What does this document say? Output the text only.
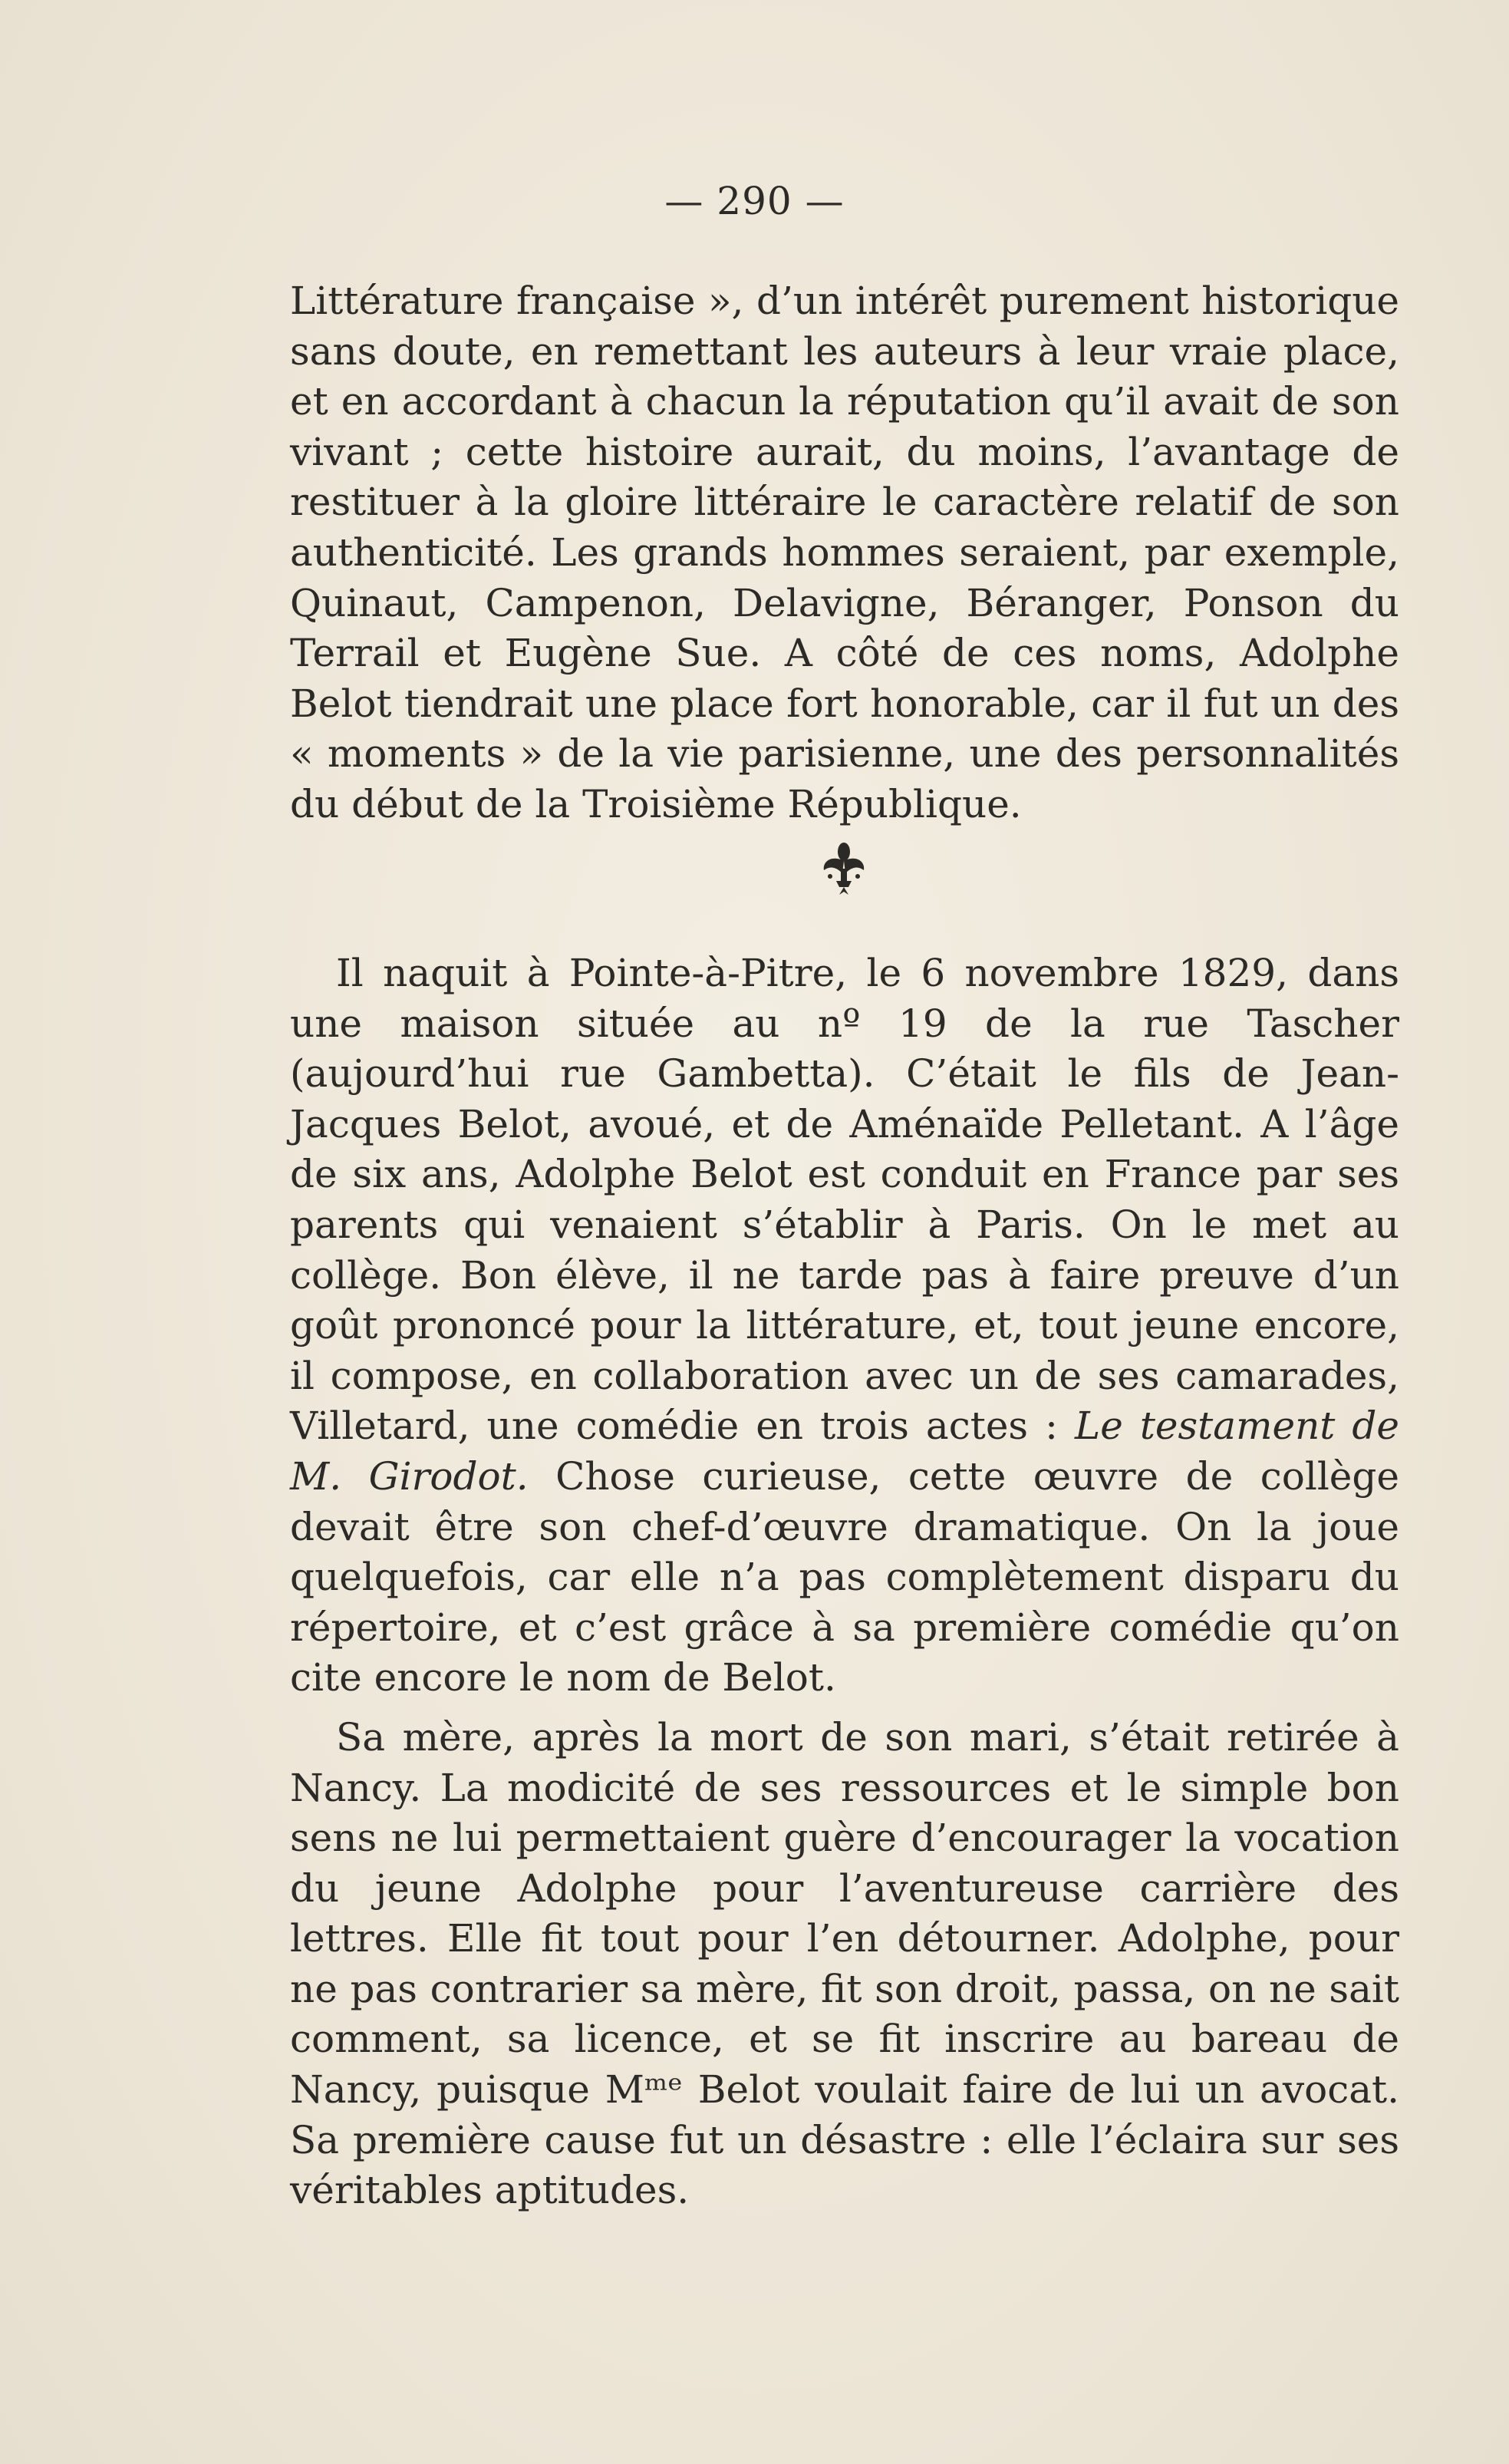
— 290 —

Littérature française », d’un intérêt purement historique sans doute, en remettant les auteurs à leur vraie place, et en accordant à chacun la réputation qu’il avait de son vivant ; cette histoire aurait, du moins, l’avantage de restituer à la gloire littéraire le caractère relatif de son authenticité. Les grands hommes seraient, par exemple, Quinaut, Campenon, Delavigne, Béranger, Ponson du Terrail et Eugène Sue. A côté de ces noms, Adolphe Belot tiendrait une place fort honorable, car il fut un des « moments » de la vie parisienne, une des personnalités du début de la Troisième République.

Il naquit à Pointe-à-Pitre, le 6 novembre 1829, dans une maison située au nº 19 de la rue Tascher (aujourd’hui rue Gambetta). C’était le fils de Jean-Jacques Belot, avoué, et de Aménaïde Pelletant. A l’âge de six ans, Adolphe Belot est conduit en France par ses parents qui venaient s’établir à Paris. On le met au collège. Bon élève, il ne tarde pas à faire preuve d’un goût prononcé pour la littérature, et, tout jeune encore, il compose, en collaboration avec un de ses camarades, Villetard, une comédie en trois actes : Le testament de M. Girodot. Chose curieuse, cette œuvre de collège devait être son chef-d’œuvre dramatique. On la joue quelquefois, car elle n’a pas complètement disparu du répertoire, et c’est grâce à sa première comédie qu’on cite encore le nom de Belot.

Sa mère, après la mort de son mari, s’était retirée à Nancy. La modicité de ses ressources et le simple bon sens ne lui permettaient guère d’encourager la vocation du jeune Adolphe pour l’aventureuse carrière des lettres. Elle fit tout pour l’en détourner. Adolphe, pour ne pas contrarier sa mère, fit son droit, passa, on ne sait comment, sa licence, et se fit inscrire au bareau de Nancy, puisque Mᵐᵉ Belot voulait faire de lui un avocat. Sa première cause fut un désastre : elle l’éclaira sur ses véritables aptitudes.
